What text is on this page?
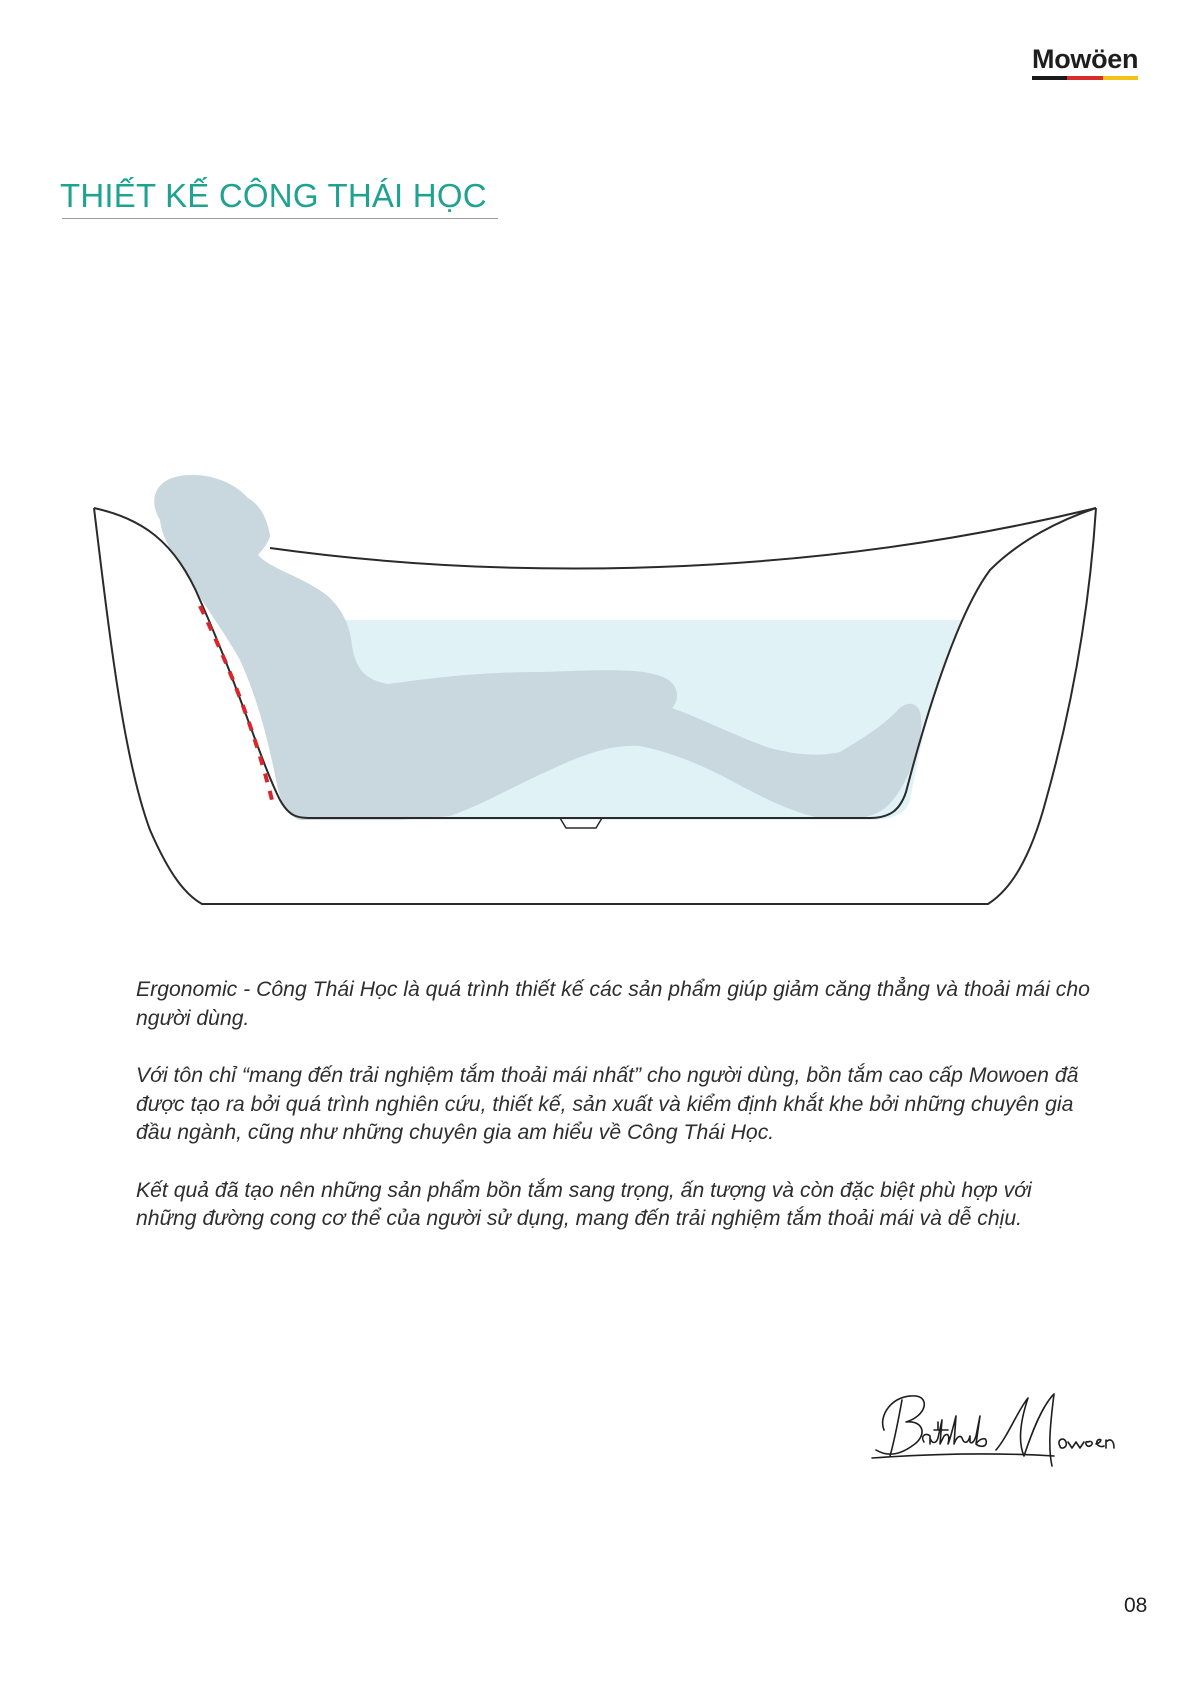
Mowöen
THIẾT KẾ CÔNG THÁI HỌC

Ergonomic - Công Thái Học là quá trình thiết kế các sản phẩm giúp giảm căng thẳng và thoải mái cho người dùng.

Với tôn chỉ “mang đến trải nghiệm tắm thoải mái nhất” cho người dùng, bồn tắm cao cấp Mowoen đã được tạo ra bởi quá trình nghiên cứu, thiết kế, sản xuất và kiểm định khắt khe bởi những chuyên gia đầu ngành, cũng như những chuyên gia am hiểu về Công Thái Học.

Kết quả đã tạo nên những sản phẩm bồn tắm sang trọng, ấn tượng và còn đặc biệt phù hợp với những đường cong cơ thể của người sử dụng, mang đến trải nghiệm tắm thoải mái và dễ chịu.

08
